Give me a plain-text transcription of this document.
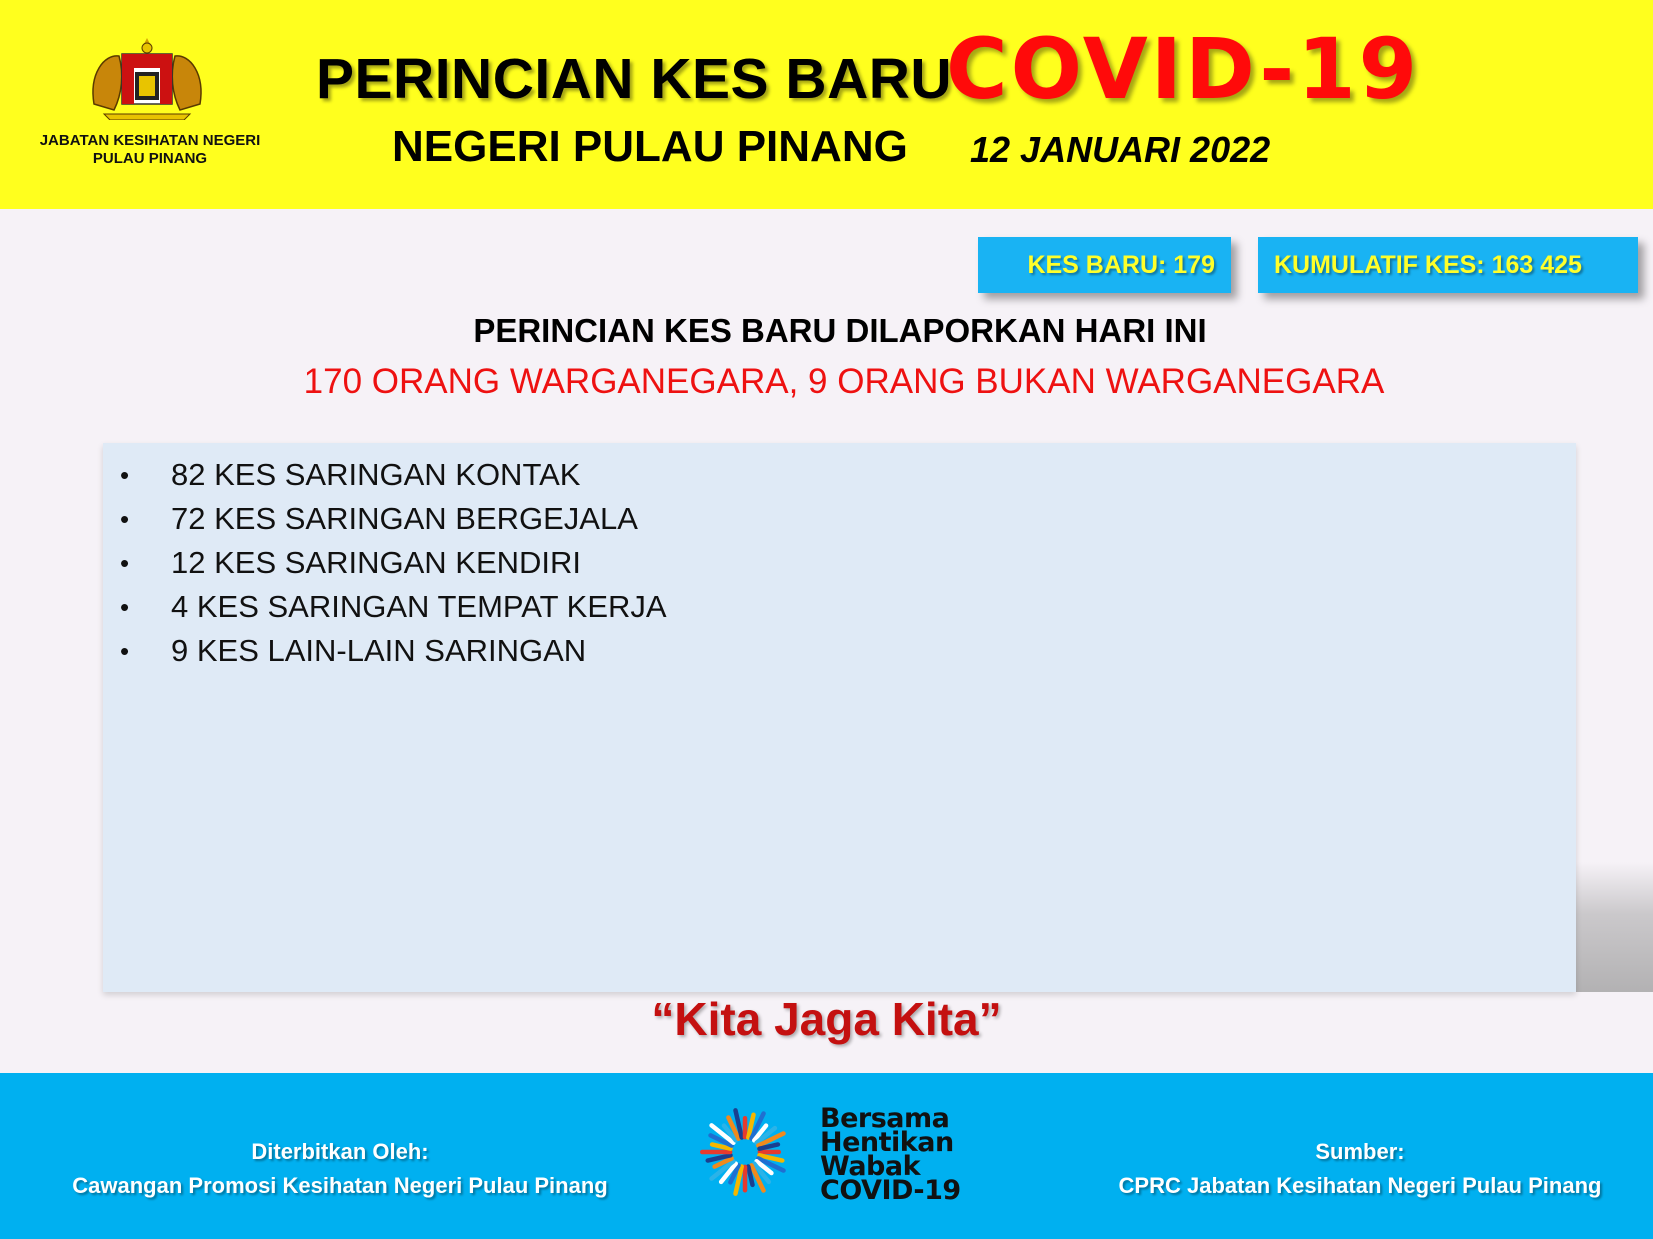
JABATAN KESIHATAN NEGERI
PULAU PINANG
PERINCIAN KES BARU
COVID-19
NEGERI PULAU PINANG 12 JANUARI 2022
KES BARU: 179	KUMULATIF KES: 163 425
PERINCIAN KES BARU DILAPORKAN HARI INI
170 ORANG WARGANEGARA, 9 ORANG BUKAN WARGANEGARA
• 82 KES SARINGAN KONTAK
• 72 KES SARINGAN BERGEJALA
• 12 KES SARINGAN KENDIRI
• 4 KES SARINGAN TEMPAT KERJA
• 9 KES LAIN-LAIN SARINGAN
“Kita Jaga Kita”
Diterbitkan Oleh:
Cawangan Promosi Kesihatan Negeri Pulau Pinang
Bersama
Hentikan
Wabak
COVID-19
Sumber:
CPRC Jabatan Kesihatan Negeri Pulau Pinang
